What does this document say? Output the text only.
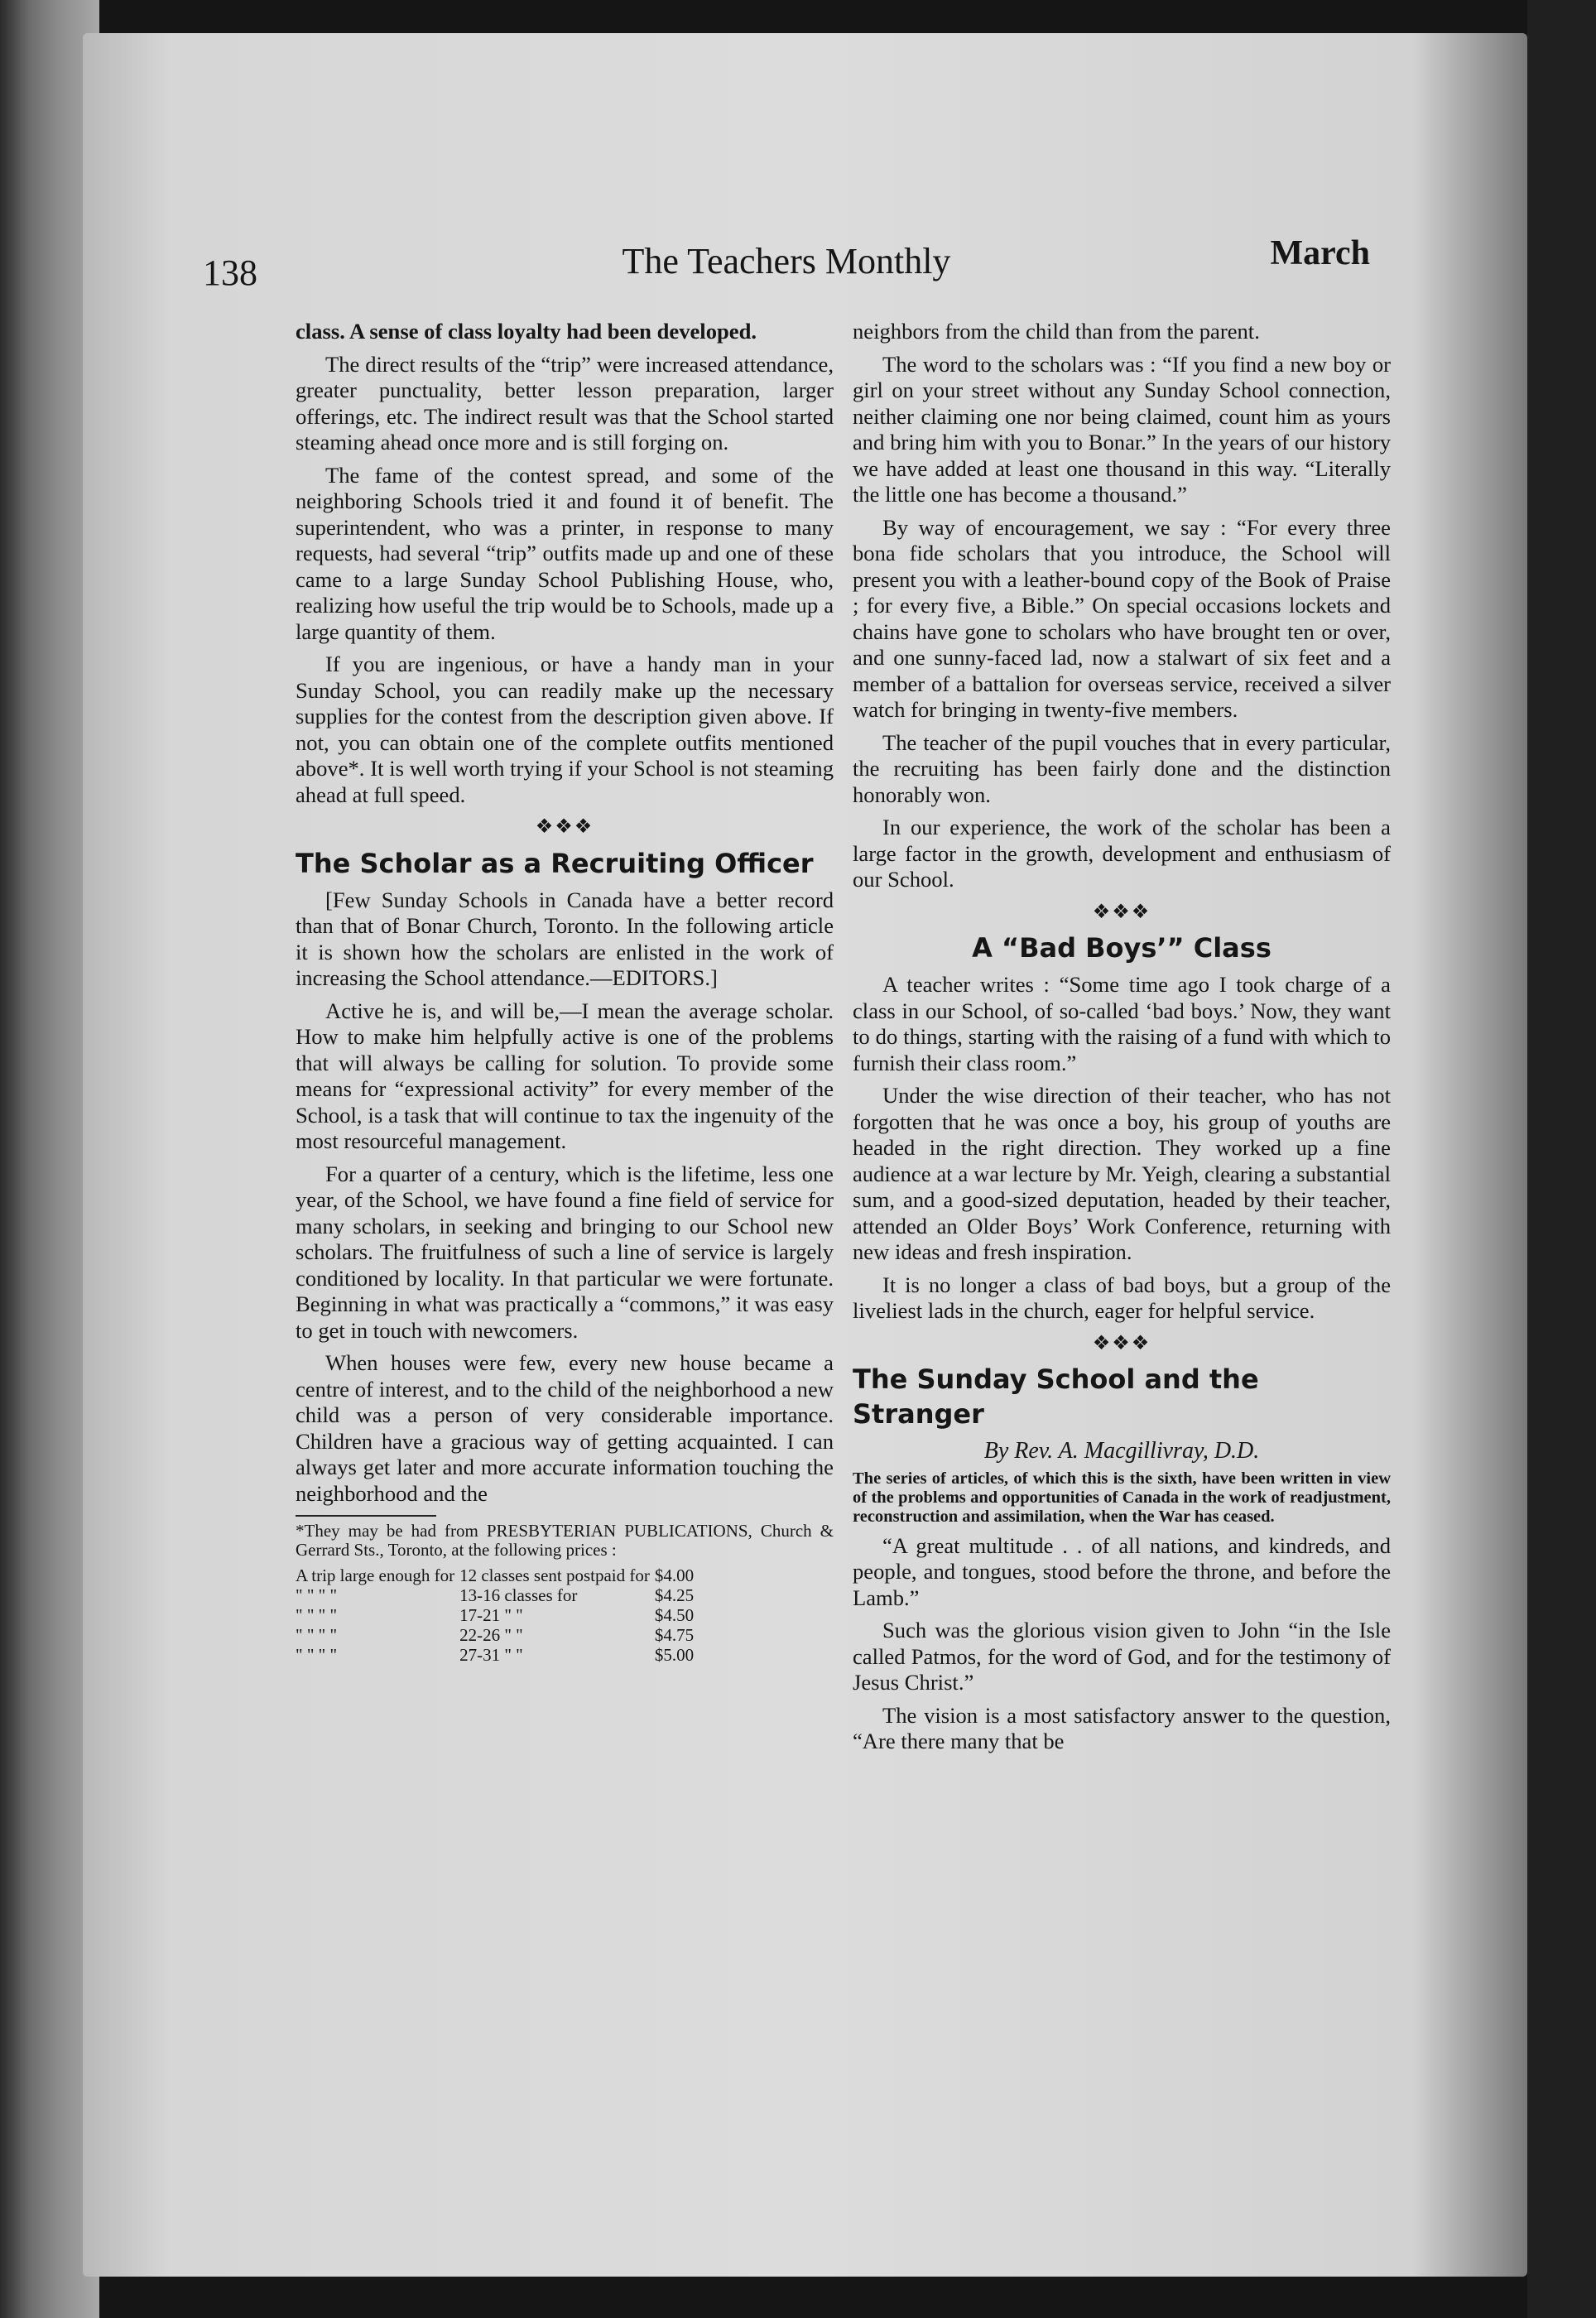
138	The Teachers Monthly	March

class. A sense of class loyalty had been developed.

The direct results of the “trip” were increased attendance, greater punctuality, better lesson preparation, larger offerings, etc. The indirect result was that the School started steaming ahead once more and is still forging on.

The fame of the contest spread, and some of the neighboring Schools tried it and found it of benefit. The superintendent, who was a printer, in response to many requests, had several “trip” outfits made up and one of these came to a large Sunday School Publishing House, who, realizing how useful the trip would be to Schools, made up a large quantity of them.

If you are ingenious, or have a handy man in your Sunday School, you can readily make up the necessary supplies for the contest from the description given above. If not, you can obtain one of the complete outfits mentioned above*. It is well worth trying if your School is not steaming ahead at full speed.

❖❖❖
The Scholar as a Recruiting Officer

[Few Sunday Schools in Canada have a better record than that of Bonar Church, Toronto. In the following article it is shown how the scholars are enlisted in the work of increasing the School attendance.—EDITORS.]

Active he is, and will be,—I mean the average scholar. How to make him helpfully active is one of the problems that will always be calling for solution. To provide some means for “expressional activity” for every member of the School, is a task that will continue to tax the ingenuity of the most resourceful management.

For a quarter of a century, which is the lifetime, less one year, of the School, we have found a fine field of service for many scholars, in seeking and bringing to our School new scholars. The fruitfulness of such a line of service is largely conditioned by locality. In that particular we were fortunate. Beginning in what was practically a “commons,” it was easy to get in touch with newcomers.

When houses were few, every new house became a centre of interest, and to the child of the neighborhood a new child was a person of very considerable importance. Children have a gracious way of getting acquainted. I can always get later and more accurate information touching the neighborhood and the

*They may be had from PRESBYTERIAN PUBLICATIONS, Church & Gerrard Sts., Toronto, at the following prices :

A trip large enough for	12 classes sent postpaid for	$4.00
" " " "	13-16 classes for	$4.25
" " " "	17-21 " "	$4.50
" " " "	22-26 " "	$4.75
" " " "	27-31 " "	$5.00

neighbors from the child than from the parent.

The word to the scholars was : “If you find a new boy or girl on your street without any Sunday School connection, neither claiming one nor being claimed, count him as yours and bring him with you to Bonar.” In the years of our history we have added at least one thousand in this way. “Literally the little one has become a thousand.”

By way of encouragement, we say : “For every three bona fide scholars that you introduce, the School will present you with a leather-bound copy of the Book of Praise ; for every five, a Bible.” On special occasions lockets and chains have gone to scholars who have brought ten or over, and one sunny-faced lad, now a stalwart of six feet and a member of a battalion for overseas service, received a silver watch for bringing in twenty-five members.

The teacher of the pupil vouches that in every particular, the recruiting has been fairly done and the distinction honorably won.

In our experience, the work of the scholar has been a large factor in the growth, development and enthusiasm of our School.

❖❖❖
A “Bad Boys’” Class

A teacher writes : “Some time ago I took charge of a class in our School, of so-called ‘bad boys.’ Now, they want to do things, starting with the raising of a fund with which to furnish their class room.”

Under the wise direction of their teacher, who has not forgotten that he was once a boy, his group of youths are headed in the right direction. They worked up a fine audience at a war lecture by Mr. Yeigh, clearing a substantial sum, and a good-sized deputation, headed by their teacher, attended an Older Boys’ Work Conference, returning with new ideas and fresh inspiration.

It is no longer a class of bad boys, but a group of the liveliest lads in the church, eager for helpful service.

❖❖❖
The Sunday School and the Stranger
By Rev. A. Macgillivray, D.D.

The series of articles, of which this is the sixth, have been written in view of the problems and opportunities of Canada in the work of readjustment, reconstruction and assimilation, when the War has ceased.

“A great multitude . . of all nations, and kindreds, and people, and tongues, stood before the throne, and before the Lamb.”

Such was the glorious vision given to John “in the Isle called Patmos, for the word of God, and for the testimony of Jesus Christ.”

The vision is a most satisfactory answer to the question, “Are there many that be
